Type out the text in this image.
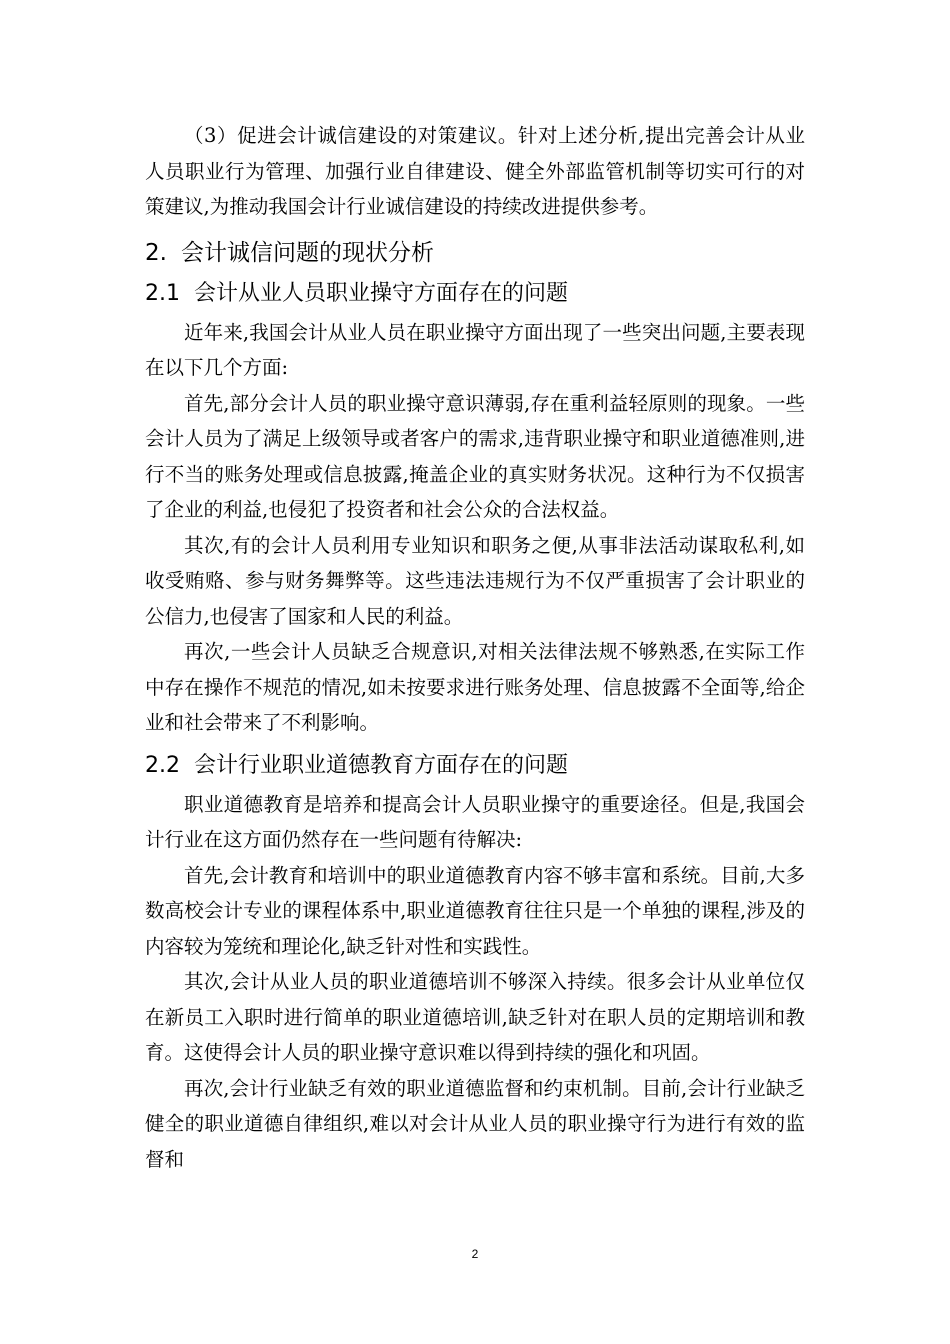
（3）促进会计诚信建设的对策建议。针对上述分析,提出完善会计从业人员职业行为管理、加强行业自律建设、健全外部监管机制等切实可行的对策建议,为推动我国会计行业诚信建设的持续改进提供参考。

2. 会计诚信问题的现状分析
2.1 会计从业人员职业操守方面存在的问题

近年来,我国会计从业人员在职业操守方面出现了一些突出问题,主要表现在以下几个方面:

首先,部分会计人员的职业操守意识薄弱,存在重利益轻原则的现象。一些会计人员为了满足上级领导或者客户的需求,违背职业操守和职业道德准则,进行不当的账务处理或信息披露,掩盖企业的真实财务状况。这种行为不仅损害了企业的利益,也侵犯了投资者和社会公众的合法权益。

其次,有的会计人员利用专业知识和职务之便,从事非法活动谋取私利,如收受贿赂、参与财务舞弊等。这些违法违规行为不仅严重损害了会计职业的公信力,也侵害了国家和人民的利益。

再次,一些会计人员缺乏合规意识,对相关法律法规不够熟悉,在实际工作中存在操作不规范的情况,如未按要求进行账务处理、信息披露不全面等,给企业和社会带来了不利影响。

2.2 会计行业职业道德教育方面存在的问题

职业道德教育是培养和提高会计人员职业操守的重要途径。但是,我国会计行业在这方面仍然存在一些问题有待解决:

首先,会计教育和培训中的职业道德教育内容不够丰富和系统。目前,大多数高校会计专业的课程体系中,职业道德教育往往只是一个单独的课程,涉及的内容较为笼统和理论化,缺乏针对性和实践性。

其次,会计从业人员的职业道德培训不够深入持续。很多会计从业单位仅在新员工入职时进行简单的职业道德培训,缺乏针对在职人员的定期培训和教育。这使得会计人员的职业操守意识难以得到持续的强化和巩固。

再次,会计行业缺乏有效的职业道德监督和约束机制。目前,会计行业缺乏健全的职业道德自律组织,难以对会计从业人员的职业操守行为进行有效的监督和

2
